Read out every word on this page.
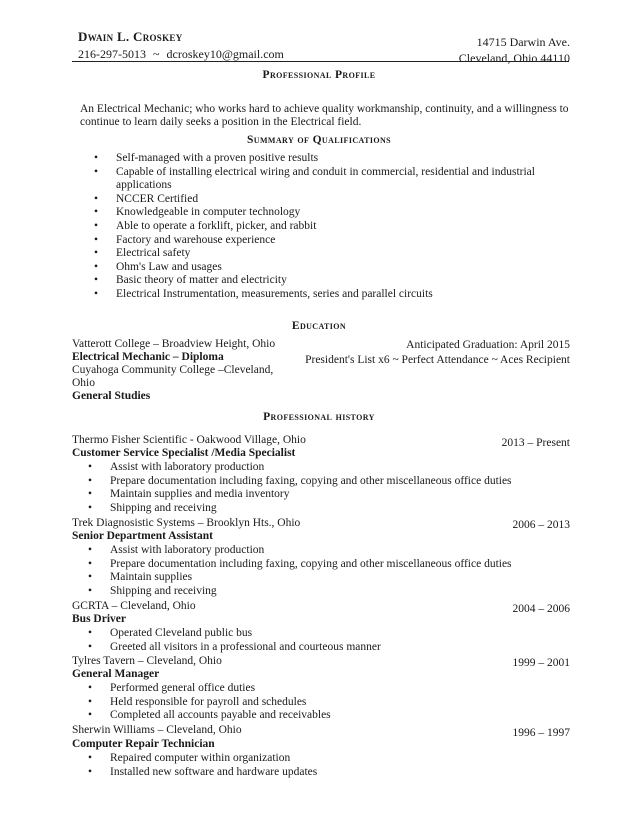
Dwain L. Croskey
216-297-5013 ~ dcroskey10@gmail.com
14715 Darwin Ave.
Cleveland, Ohio 44110
Professional Profile
An Electrical Mechanic; who works hard to achieve quality workmanship, continuity, and a willingness to continue to learn daily seeks a position in the Electrical field.
Summary of Qualifications
• Self-managed with a proven positive results
• Capable of installing electrical wiring and conduit in commercial, residential and industrial applications
• NCCER Certified
• Knowledgeable in computer technology
• Able to operate a forklift, picker, and rabbit
• Factory and warehouse experience
• Electrical safety
• Ohm's Law and usages
• Basic theory of matter and electricity
• Electrical Instrumentation, measurements, series and parallel circuits
Education
Vatterott College – Broadview Height, Ohio	Anticipated Graduation: April 2015
Electrical Mechanic – Diploma	President's List x6 ~ Perfect Attendance ~ Aces Recipient
Cuyahoga Community College –Cleveland,
Ohio
General Studies
Professional history
Thermo Fisher Scientific - Oakwood Village, Ohio	2013 – Present
Customer Service Specialist /Media Specialist
• Assist with laboratory production
• Prepare documentation including faxing, copying and other miscellaneous office duties
• Maintain supplies and media inventory
• Shipping and receiving
Trek Diagnosistic Systems – Brooklyn Hts., Ohio	2006 – 2013
Senior Department Assistant
• Assist with laboratory production
• Prepare documentation including faxing, copying and other miscellaneous office duties
• Maintain supplies
• Shipping and receiving
GCRTA – Cleveland, Ohio	2004 – 2006
Bus Driver
• Operated Cleveland public bus
• Greeted all visitors in a professional and courteous manner
Tylres Tavern – Cleveland, Ohio	1999 – 2001
General Manager
• Performed general office duties
• Held responsible for payroll and schedules
• Completed all accounts payable and receivables
Sherwin Williams – Cleveland, Ohio	1996 – 1997
Computer Repair Technician
• Repaired computer within organization
• Installed new software and hardware updates
